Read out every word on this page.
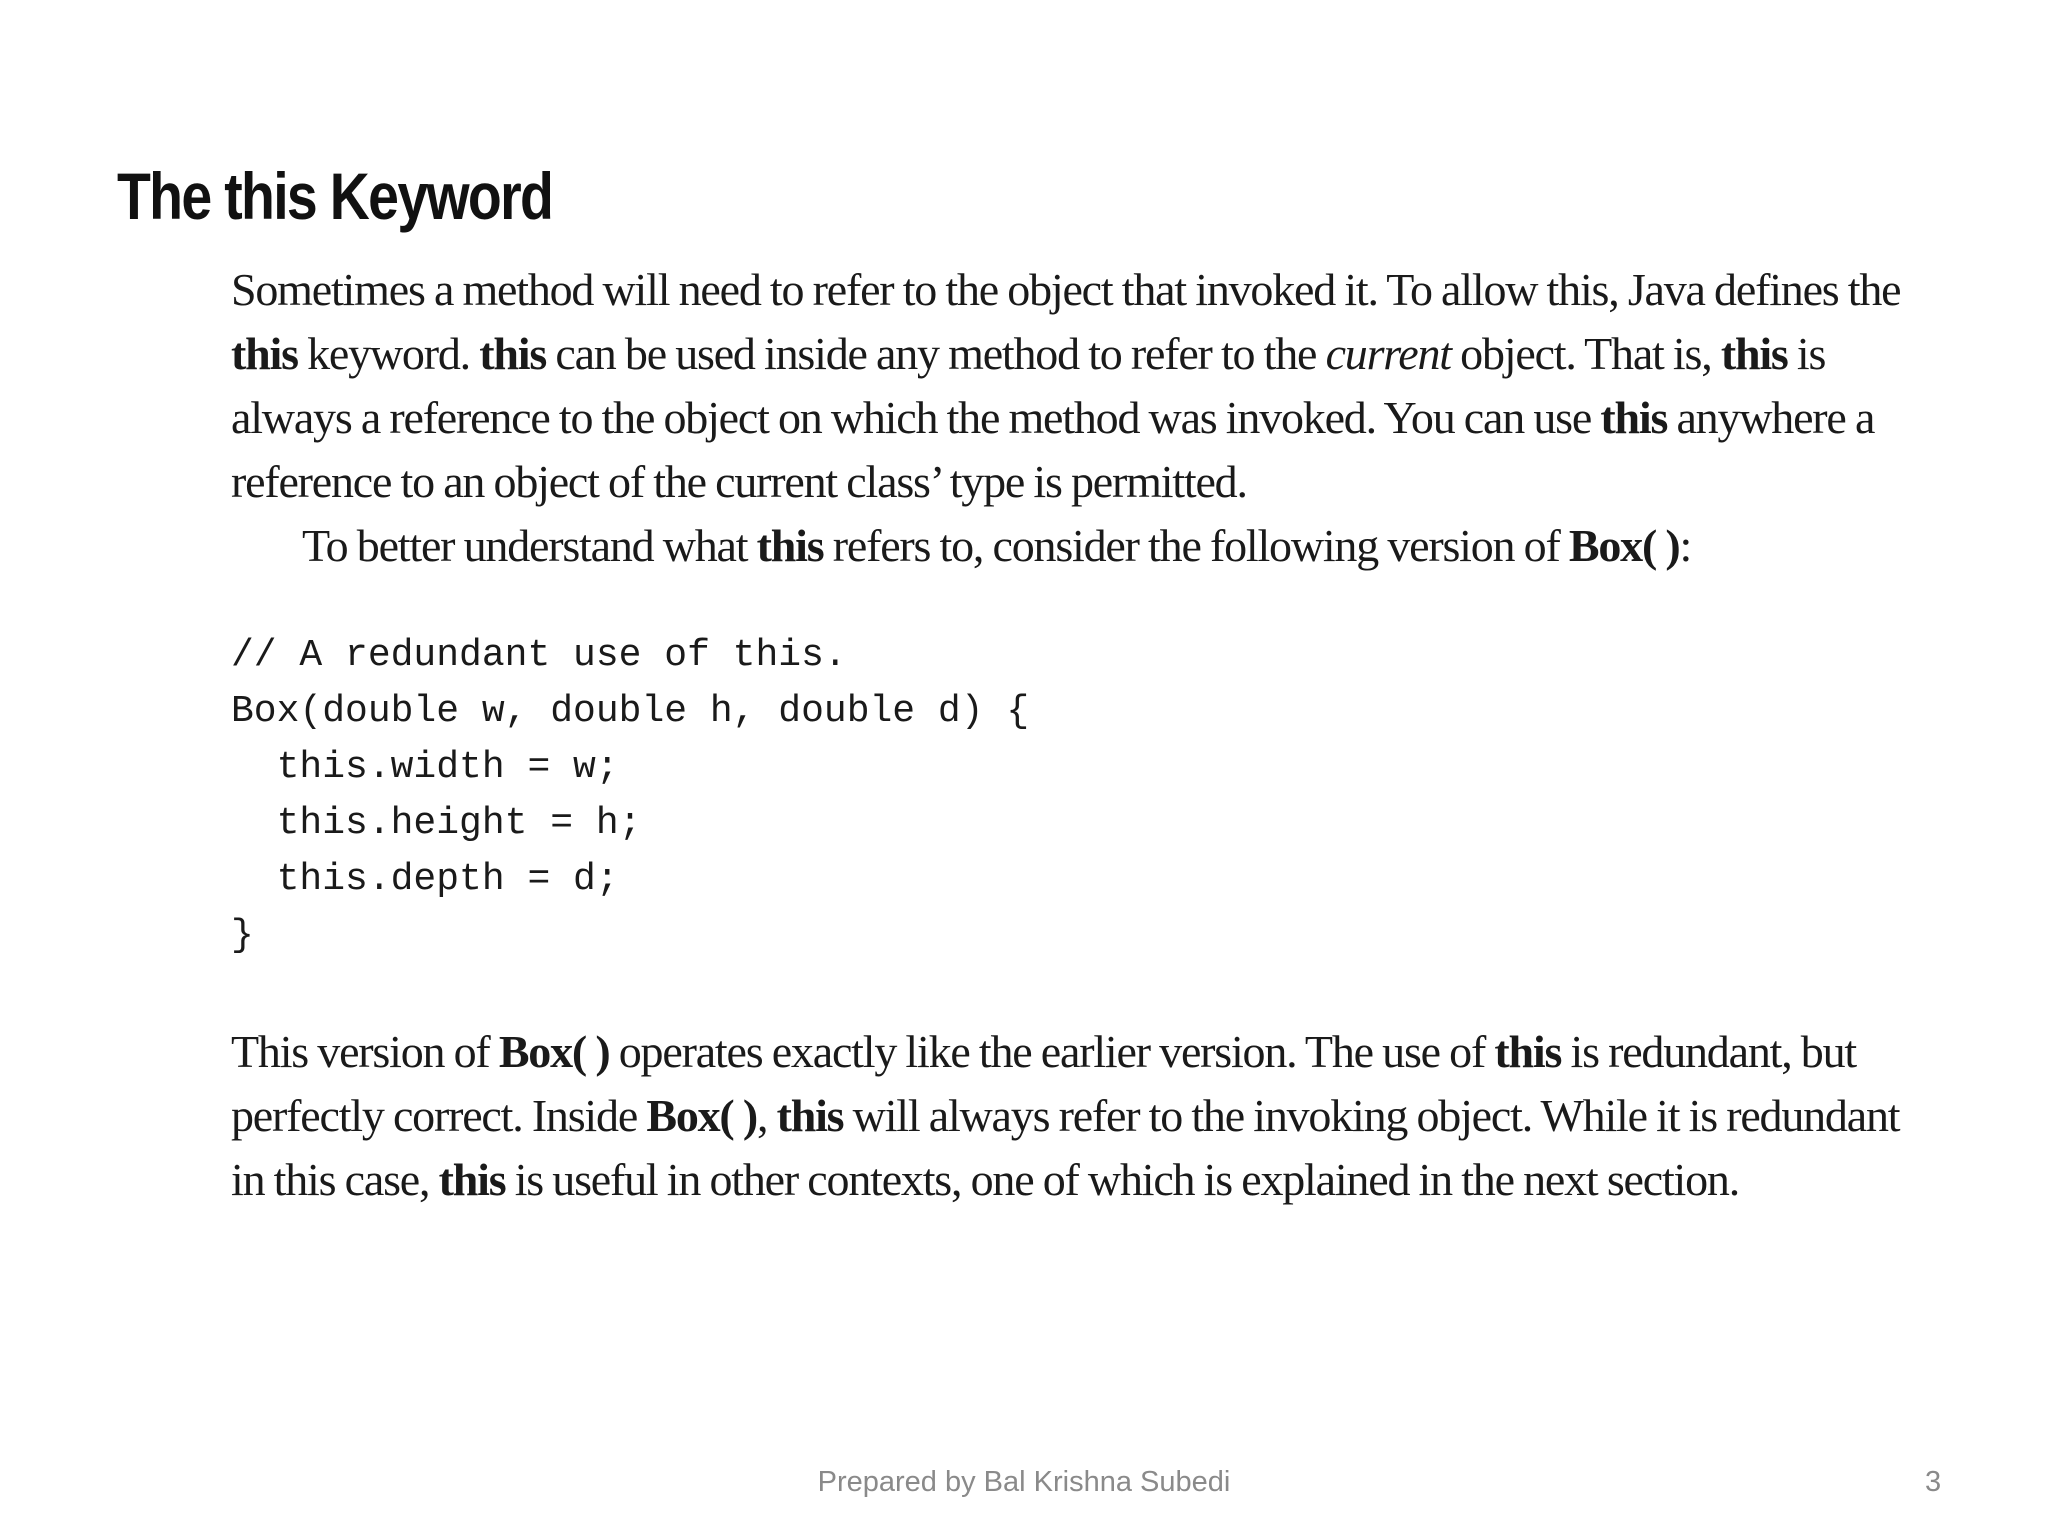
The this Keyword

Sometimes a method will need to refer to the object that invoked it. To allow this, Java defines the this keyword. this can be used inside any method to refer to the current object. That is, this is always a reference to the object on which the method was invoked. You can use this anywhere a reference to an object of the current class’ type is permitted.

To better understand what this refers to, consider the following version of Box( ):

// A redundant use of this.
Box(double w, double h, double d) {
this.width = w;
this.height = h;
this.depth = d;
}

This version of Box( ) operates exactly like the earlier version. The use of this is redundant, but perfectly correct. Inside Box( ), this will always refer to the invoking object. While it is redundant in this case, this is useful in other contexts, one of which is explained in the next section.

Prepared by Bal Krishna Subedi	3
